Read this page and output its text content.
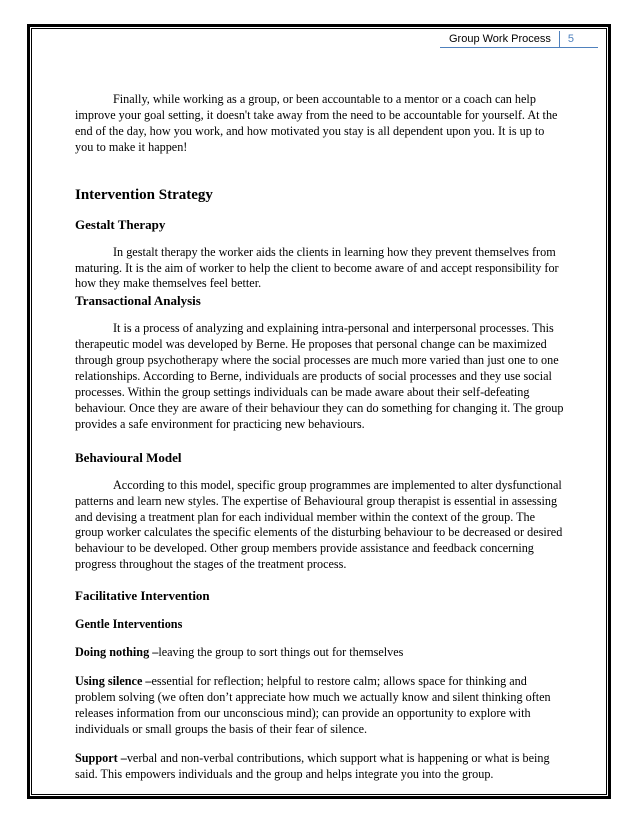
Group Work Process	5

Finally, while working as a group, or been accountable to a mentor or a coach can help improve your goal setting, it doesn't take away from the need to be accountable for yourself. At the end of the day, how you work, and how motivated you stay is all dependent upon you. It is up to you to make it happen!

Intervention Strategy
Gestalt Therapy

In gestalt therapy the worker aids the clients in learning how they prevent themselves from maturing. It is the aim of worker to help the client to become aware of and accept responsibility for how they make themselves feel better.

Transactional Analysis

It is a process of analyzing and explaining intra-personal and interpersonal processes. This therapeutic model was developed by Berne. He proposes that personal change can be maximized through group psychotherapy where the social processes are much more varied than just one to one relationships. According to Berne, individuals are products of social processes and they use social processes. Within the group settings individuals can be made aware about their self-defeating behaviour. Once they are aware of their behaviour they can do something for changing it. The group provides a safe environment for practicing new behaviours.

Behavioural Model

According to this model, specific group programmes are implemented to alter dysfunctional patterns and learn new styles. The expertise of Behavioural group therapist is essential in assessing and devising a treatment plan for each individual member within the context of the group. The group worker calculates the specific elements of the disturbing behaviour to be decreased or desired behaviour to be developed. Other group members provide assistance and feedback concerning progress throughout the stages of the treatment process.

Facilitative Intervention
Gentle Interventions

Doing nothing –leaving the group to sort things out for themselves

Using silence –essential for reflection; helpful to restore calm; allows space for thinking and problem solving (we often don’t appreciate how much we actually know and silent thinking often releases information from our unconscious mind); can provide an opportunity to explore with individuals or small groups the basis of their fear of silence.

Support –verbal and non-verbal contributions, which support what is happening or what is being said. This empowers individuals and the group and helps integrate you into the group.
